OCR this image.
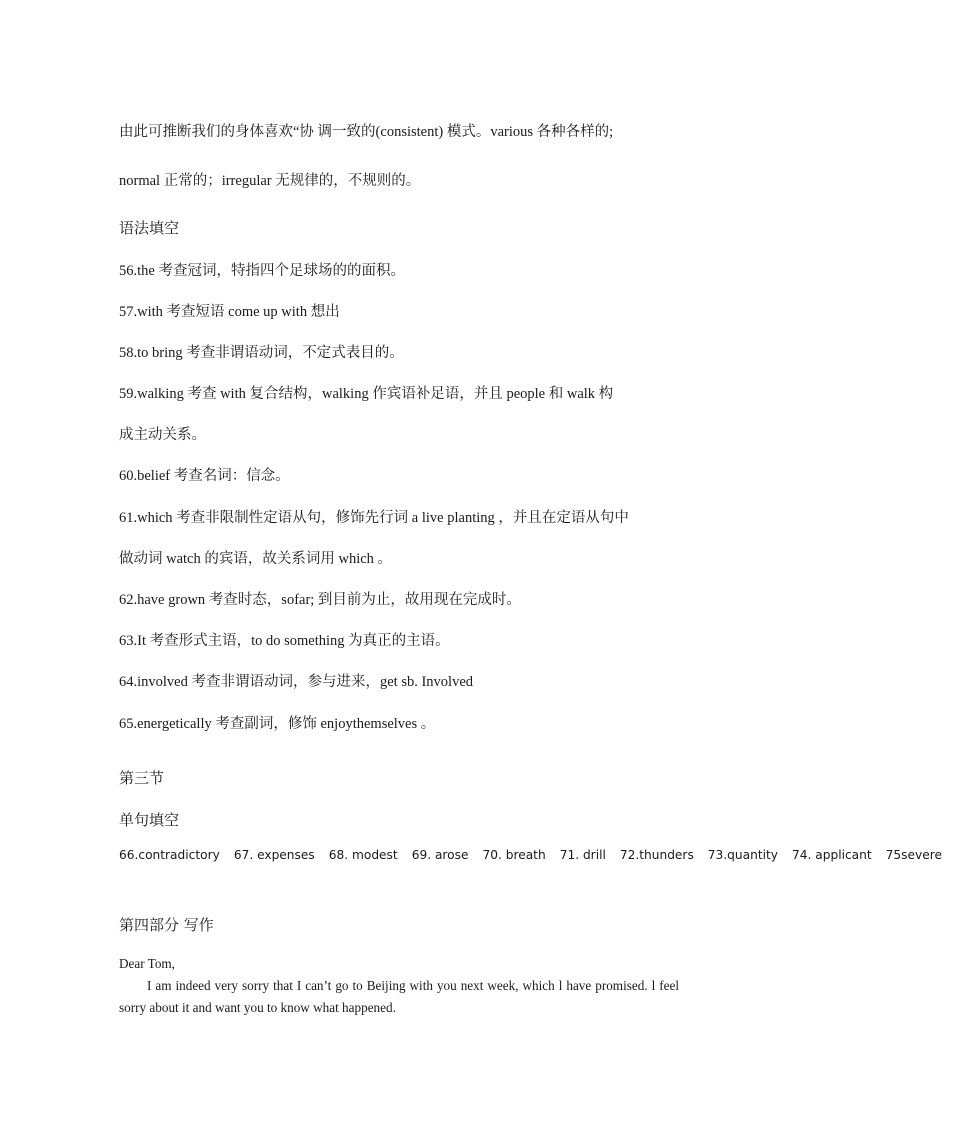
由此可推断我们的身体喜欢“协 调一致的(consistent) 模式。various 各种各样的;
normal 正常的；irregular 无规律的，不规则的。
语法填空
56.the 考查冠词，特指四个足球场的的面积。
57.with 考查短语 come up with 想出
58.to bring 考查非谓语动词，不定式表目的。
59.walking 考查 with 复合结构，walking 作宾语补足语，并且 people 和 walk 构
成主动关系。
60.belief 考查名词：信念。
61.which 考查非限制性定语从句，修饰先行词 a live planting ，并且在定语从句中
做动词 watch 的宾语，故关系词用 which 。
62.have grown 考查时态，sofar; 到目前为止，故用现在完成时。
63.It 考查形式主语，to do something 为真正的主语。
64.involved 考查非谓语动词，参与进来，get sb. Involved
65.energetically 考查副词，修饰 enjoythemselves 。
第三节
单句填空
66.contradictory 67. expenses 68. modest 69. arose 70. breath 71. drill 72.thunders 73.quantity 74. applicant 75severe
第四部分 写作
Dear Tom,
I am indeed very sorry that I can’t go to Beijing with you next week, which l have promised. l feel sorry about it and want you to know what happened.
